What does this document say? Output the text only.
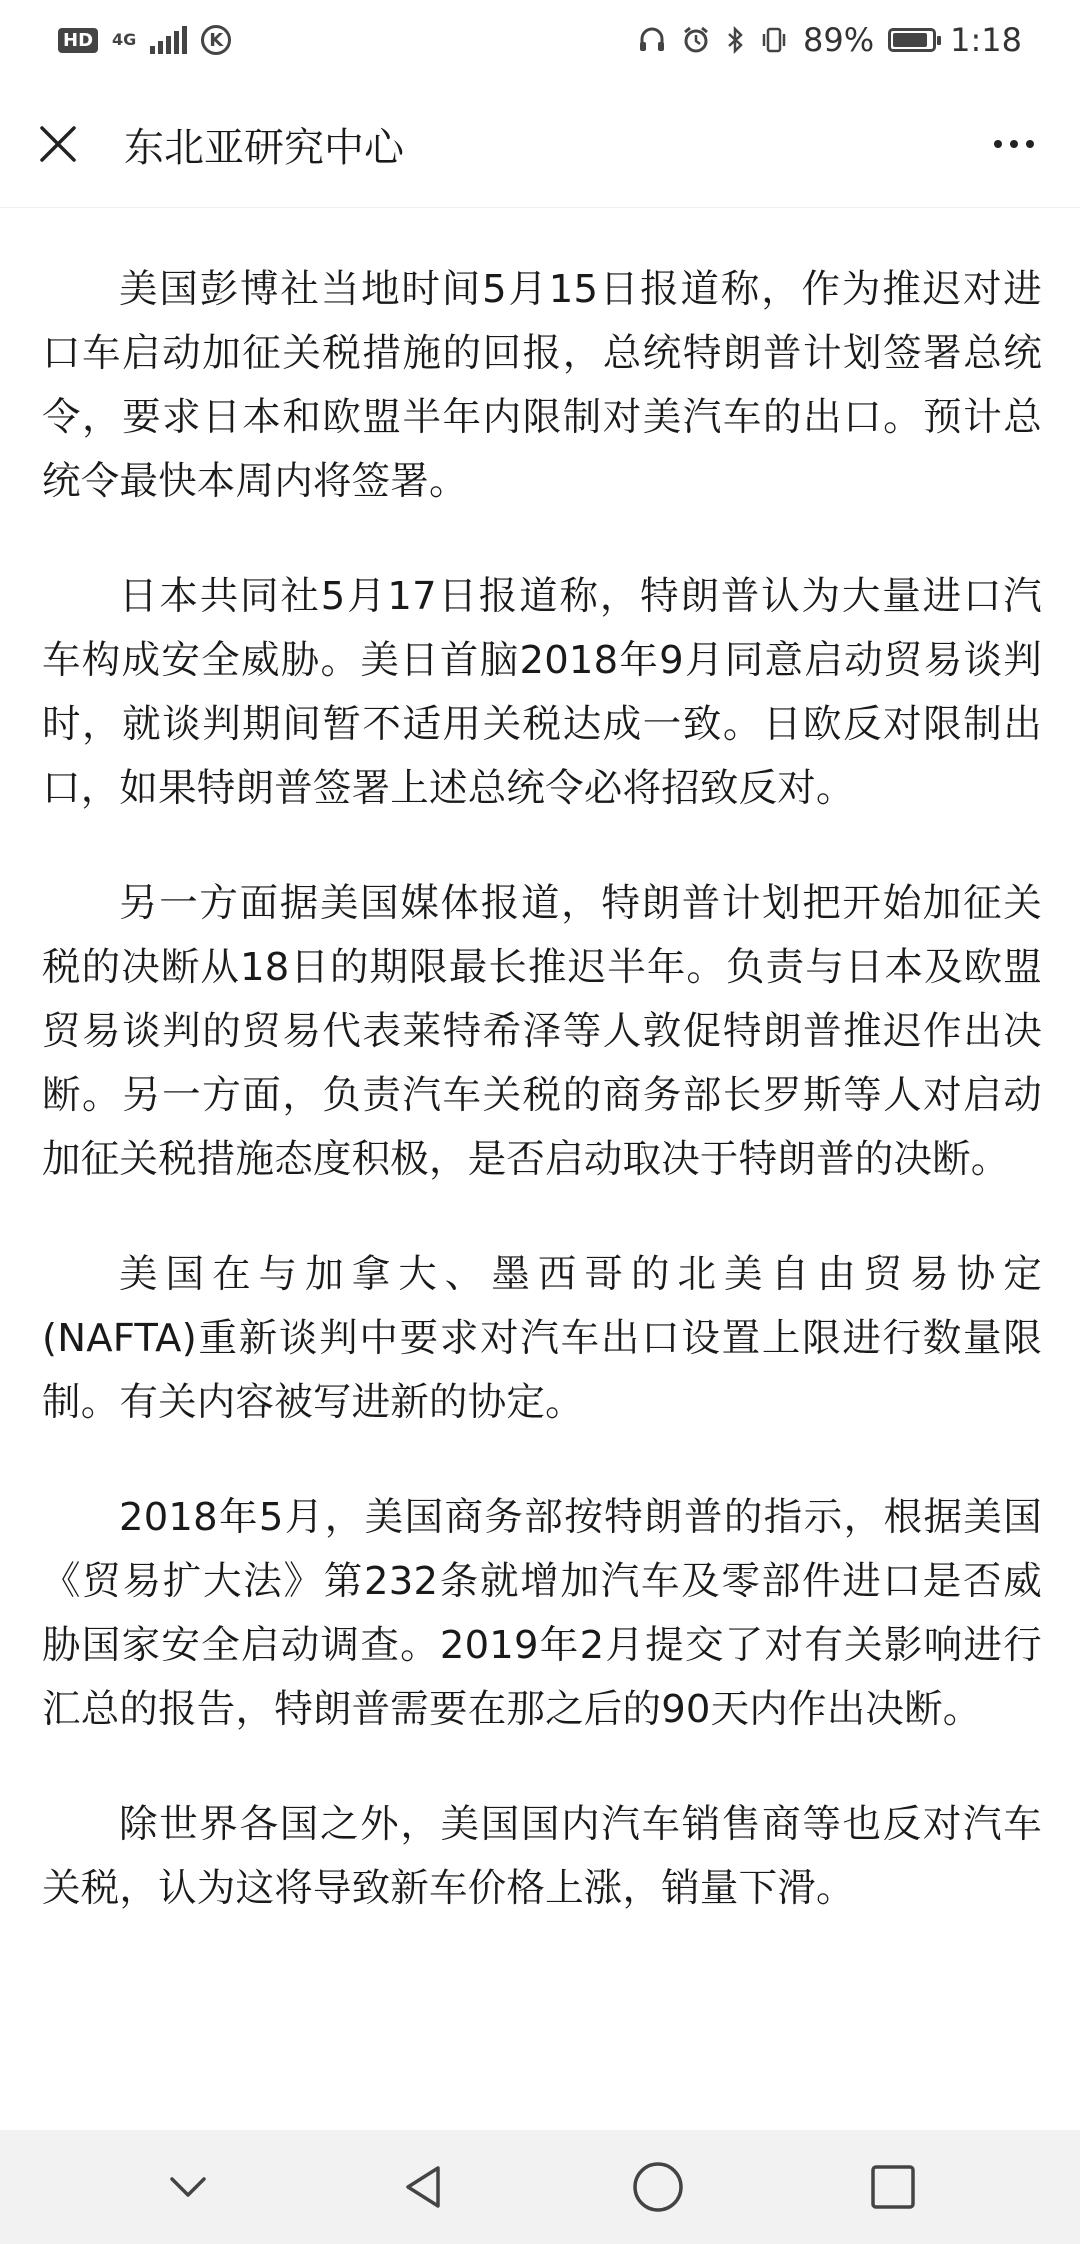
HD	4G	K	89% 1:18
东北亚研究中心

美国彭博社当地时间5月15日报道称，作为推迟对进口车启动加征关税措施的回报，总统特朗普计划签署总统令，要求日本和欧盟半年内限制对美汽车的出口。预计总统令最快本周内将签署。

日本共同社5月17日报道称，特朗普认为大量进口汽车构成安全威胁。美日首脑2018年9月同意启动贸易谈判时，就谈判期间暂不适用关税达成一致。日欧反对限制出口，如果特朗普签署上述总统令必将招致反对。

另一方面据美国媒体报道，特朗普计划把开始加征关税的决断从18日的期限最长推迟半年。负责与日本及欧盟贸易谈判的贸易代表莱特希泽等人敦促特朗普推迟作出决断。另一方面，负责汽车关税的商务部长罗斯等人对启动加征关税措施态度积极，是否启动取决于特朗普的决断。

美国在与加拿大、墨西哥的北美自由贸易协定(NAFTA)重新谈判中要求对汽车出口设置上限进行数量限制。有关内容被写进新的协定。

2018年5月，美国商务部按特朗普的指示，根据美国《贸易扩大法》第232条就增加汽车及零部件进口是否威胁国家安全启动调查。2019年2月提交了对有关影响进行汇总的报告，特朗普需要在那之后的90天内作出决断。

除世界各国之外，美国国内汽车销售商等也反对汽车关税，认为这将导致新车价格上涨，销量下滑。
